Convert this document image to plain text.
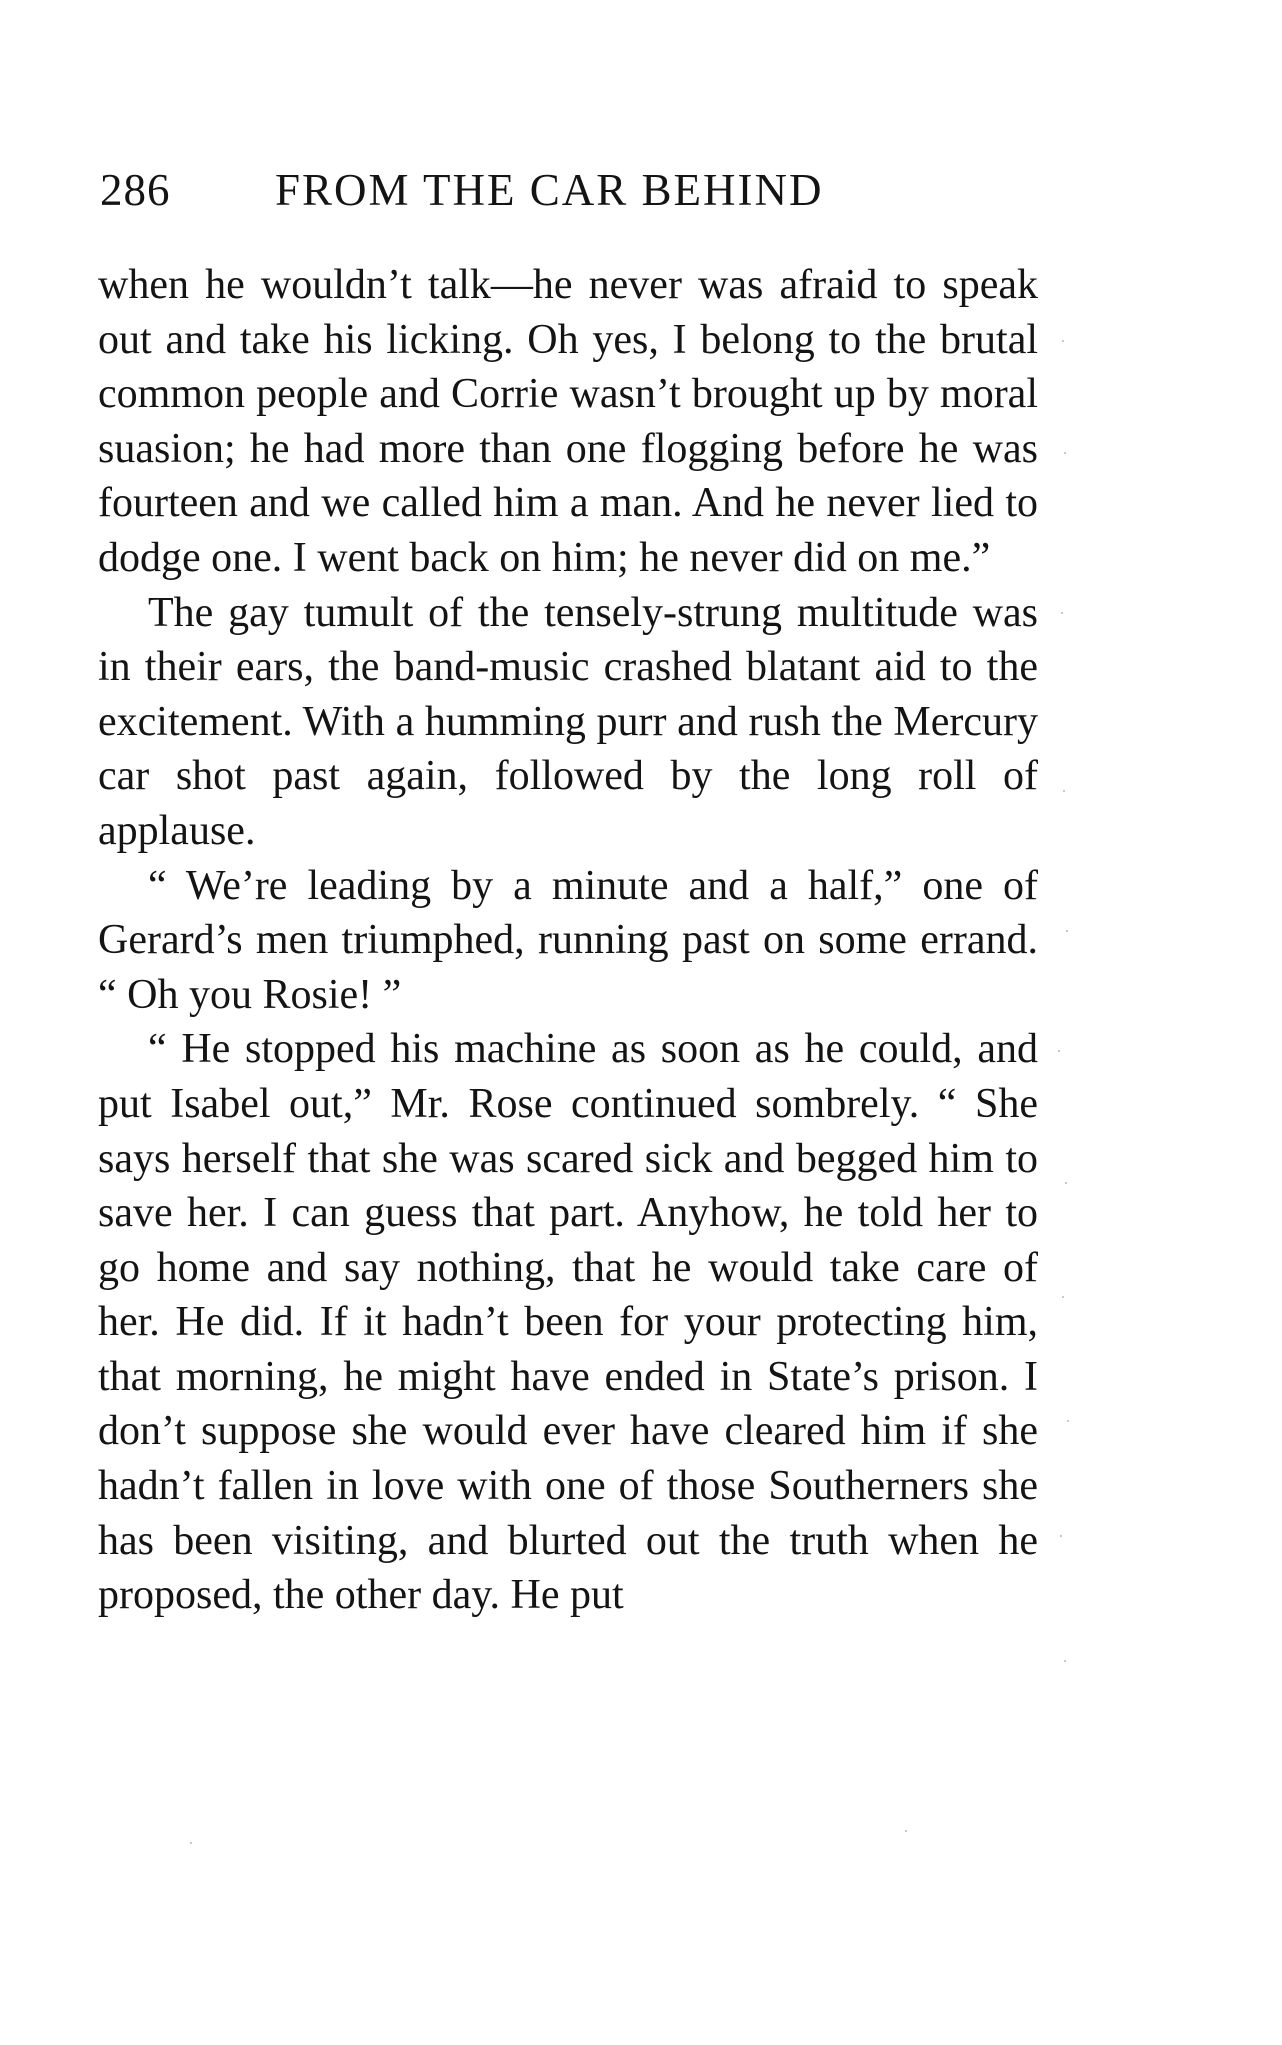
286 FROM THE CAR BEHIND

when he wouldn’t talk—he never was afraid to speak out and take his licking. Oh yes, I belong to the brutal common people and Corrie wasn’t brought up by moral suasion; he had more than one flogging before he was fourteen and we called him a man. And he never lied to dodge one. I went back on him; he never did on me.”

The gay tumult of the tensely-strung multitude was in their ears, the band-music crashed blatant aid to the excitement. With a humming purr and rush the Mercury car shot past again, followed by the long roll of applause.

“ We’re leading by a minute and a half,” one of Gerard’s men triumphed, running past on some errand. “ Oh you Rosie! ”

“ He stopped his machine as soon as he could, and put Isabel out,” Mr. Rose continued sombrely. “ She says herself that she was scared sick and begged him to save her. I can guess that part. Anyhow, he told her to go home and say nothing, that he would take care of her. He did. If it hadn’t been for your protecting him, that morning, he might have ended in State’s prison. I don’t suppose she would ever have cleared him if she hadn’t fallen in love with one of those Southerners she has been visiting, and blurted out the truth when he proposed, the other day. He put
